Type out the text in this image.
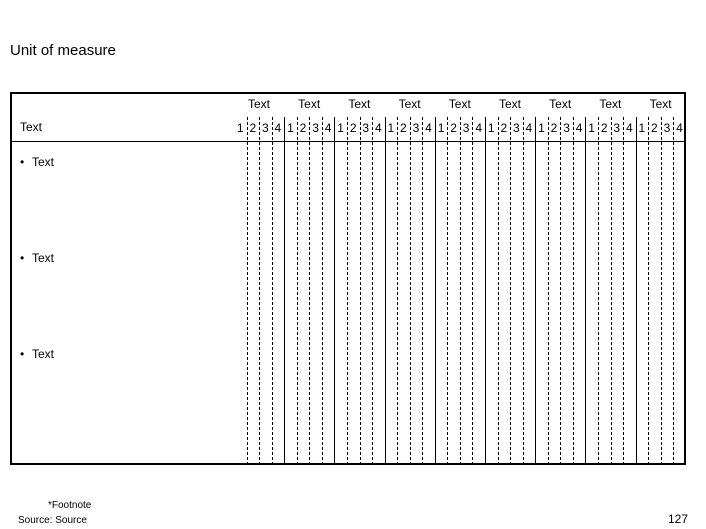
Unit of measure
Text
Text
1 2 3 4
Text
1 2 3 4
Text
1 2 3 4
Text
1 2 3 4
Text
1 2 3 4
Text
1 2 3 4
Text
1 2 3 4
Text
1 2 3 4
Text
1 2 3 4
• Text
• Text
• Text
*Footnote
Source: Source	127
